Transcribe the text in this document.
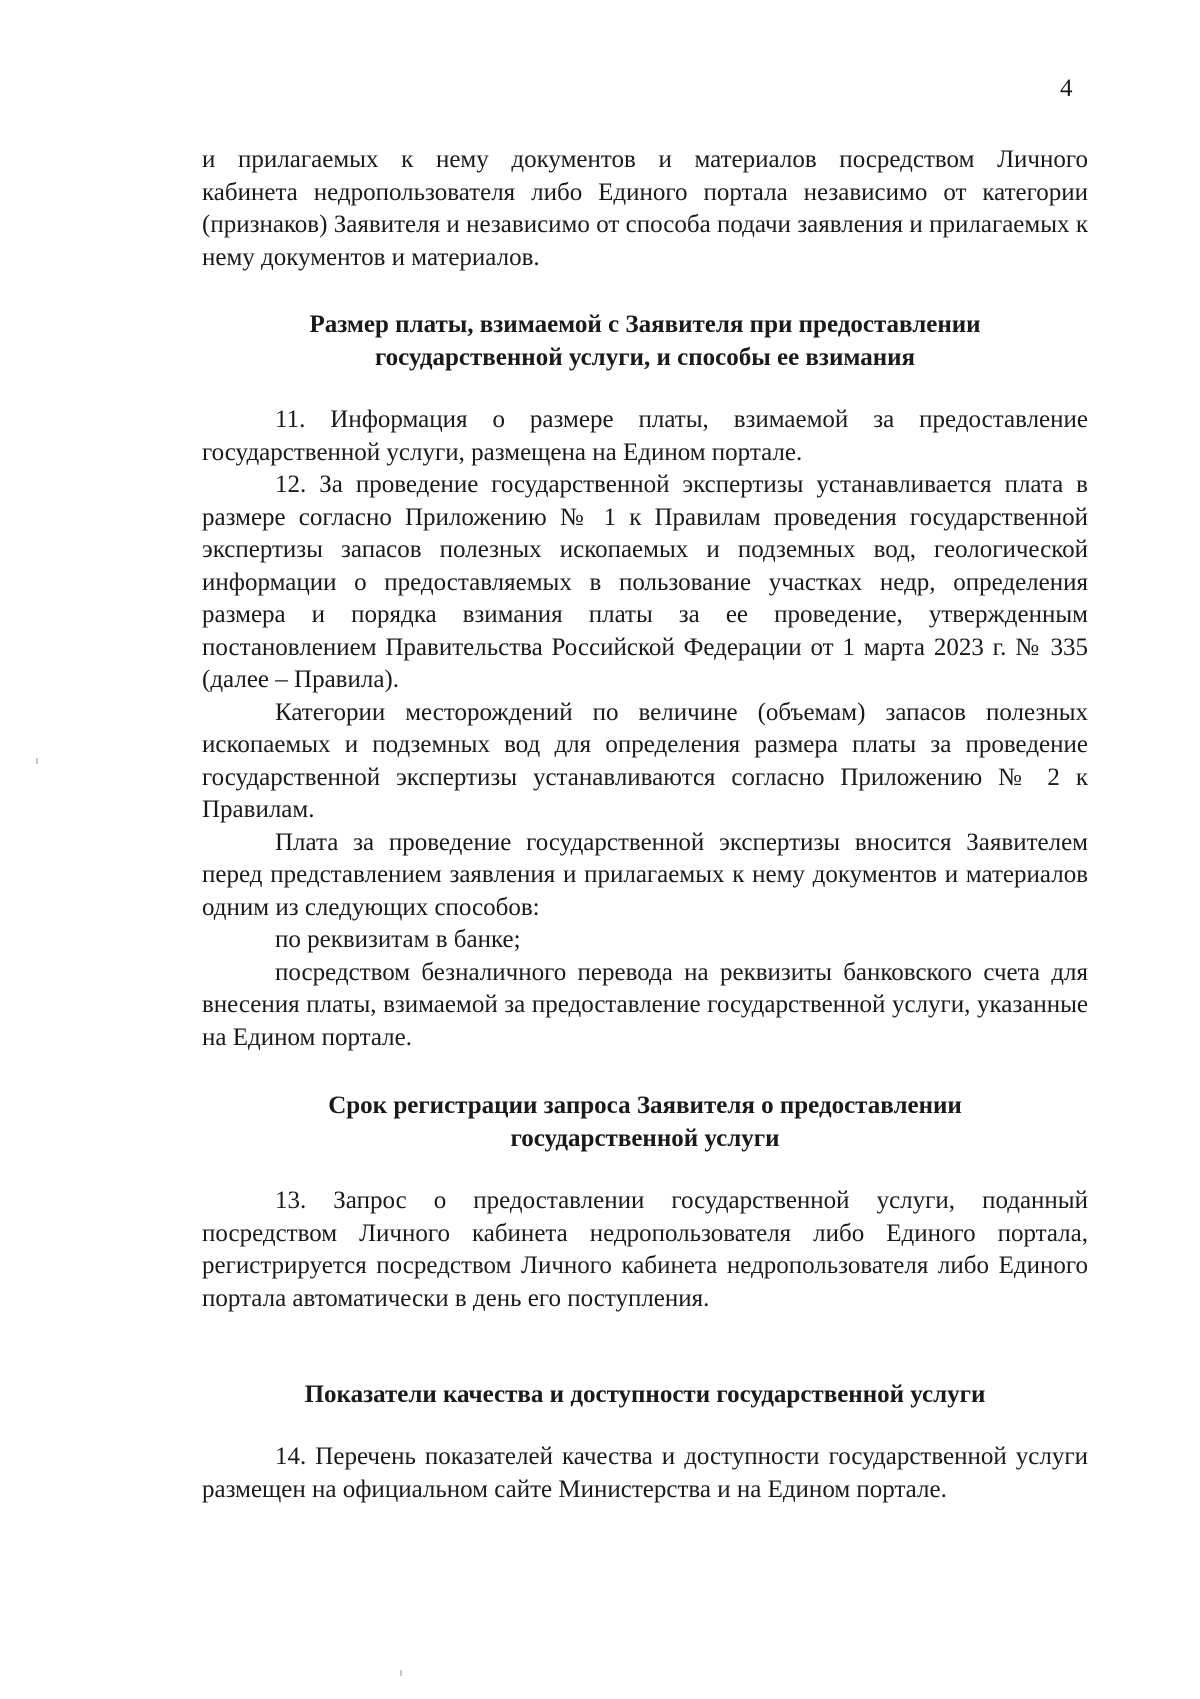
4

и прилагаемых к нему документов и материалов посредством Личного

кабинета недропользователя либо Единого портала независимо от категории (признаков) Заявителя и независимо от способа подачи заявления и прилагаемых к нему документов и материалов.

Размер платы, взимаемой с Заявителя при предоставлении

государственной услуги, и способы ее взимания

11. Информация о размере платы, взимаемой за предоставление государственной услуги, размещена на Едином портале.

12. За проведение государственной экспертизы устанавливается плата в размере согласно Приложению № 1 к Правилам проведения государственной экспертизы запасов полезных ископаемых и подземных вод, геологической информации о предоставляемых в пользование участках недр, определения размера и порядка взимания платы за ее проведение, утвержденным постановлением Правительства Российской Федерации от 1 марта 2023 г. № 335 (далее – Правила).

Категории месторождений по величине (объемам) запасов полезных ископаемых и подземных вод для определения размера платы за проведение государственной экспертизы устанавливаются согласно Приложению № 2 к Правилам.

Плата за проведение государственной экспертизы вносится Заявителем перед представлением заявления и прилагаемых к нему документов и материалов одним из следующих способов:

по реквизитам в банке;

посредством безналичного перевода на реквизиты банковского счета для внесения платы, взимаемой за предоставление государственной услуги, указанные на Едином портале.

Срок регистрации запроса Заявителя о предоставлении

государственной услуги

13. Запрос о предоставлении государственной услуги, поданный посредством Личного кабинета недропользователя либо Единого портала, регистрируется посредством Личного кабинета недропользователя либо Единого портала автоматически в день его поступления.

Показатели качества и доступности государственной услуги

14. Перечень показателей качества и доступности государственной услуги размещен на официальном сайте Министерства и на Едином портале.
